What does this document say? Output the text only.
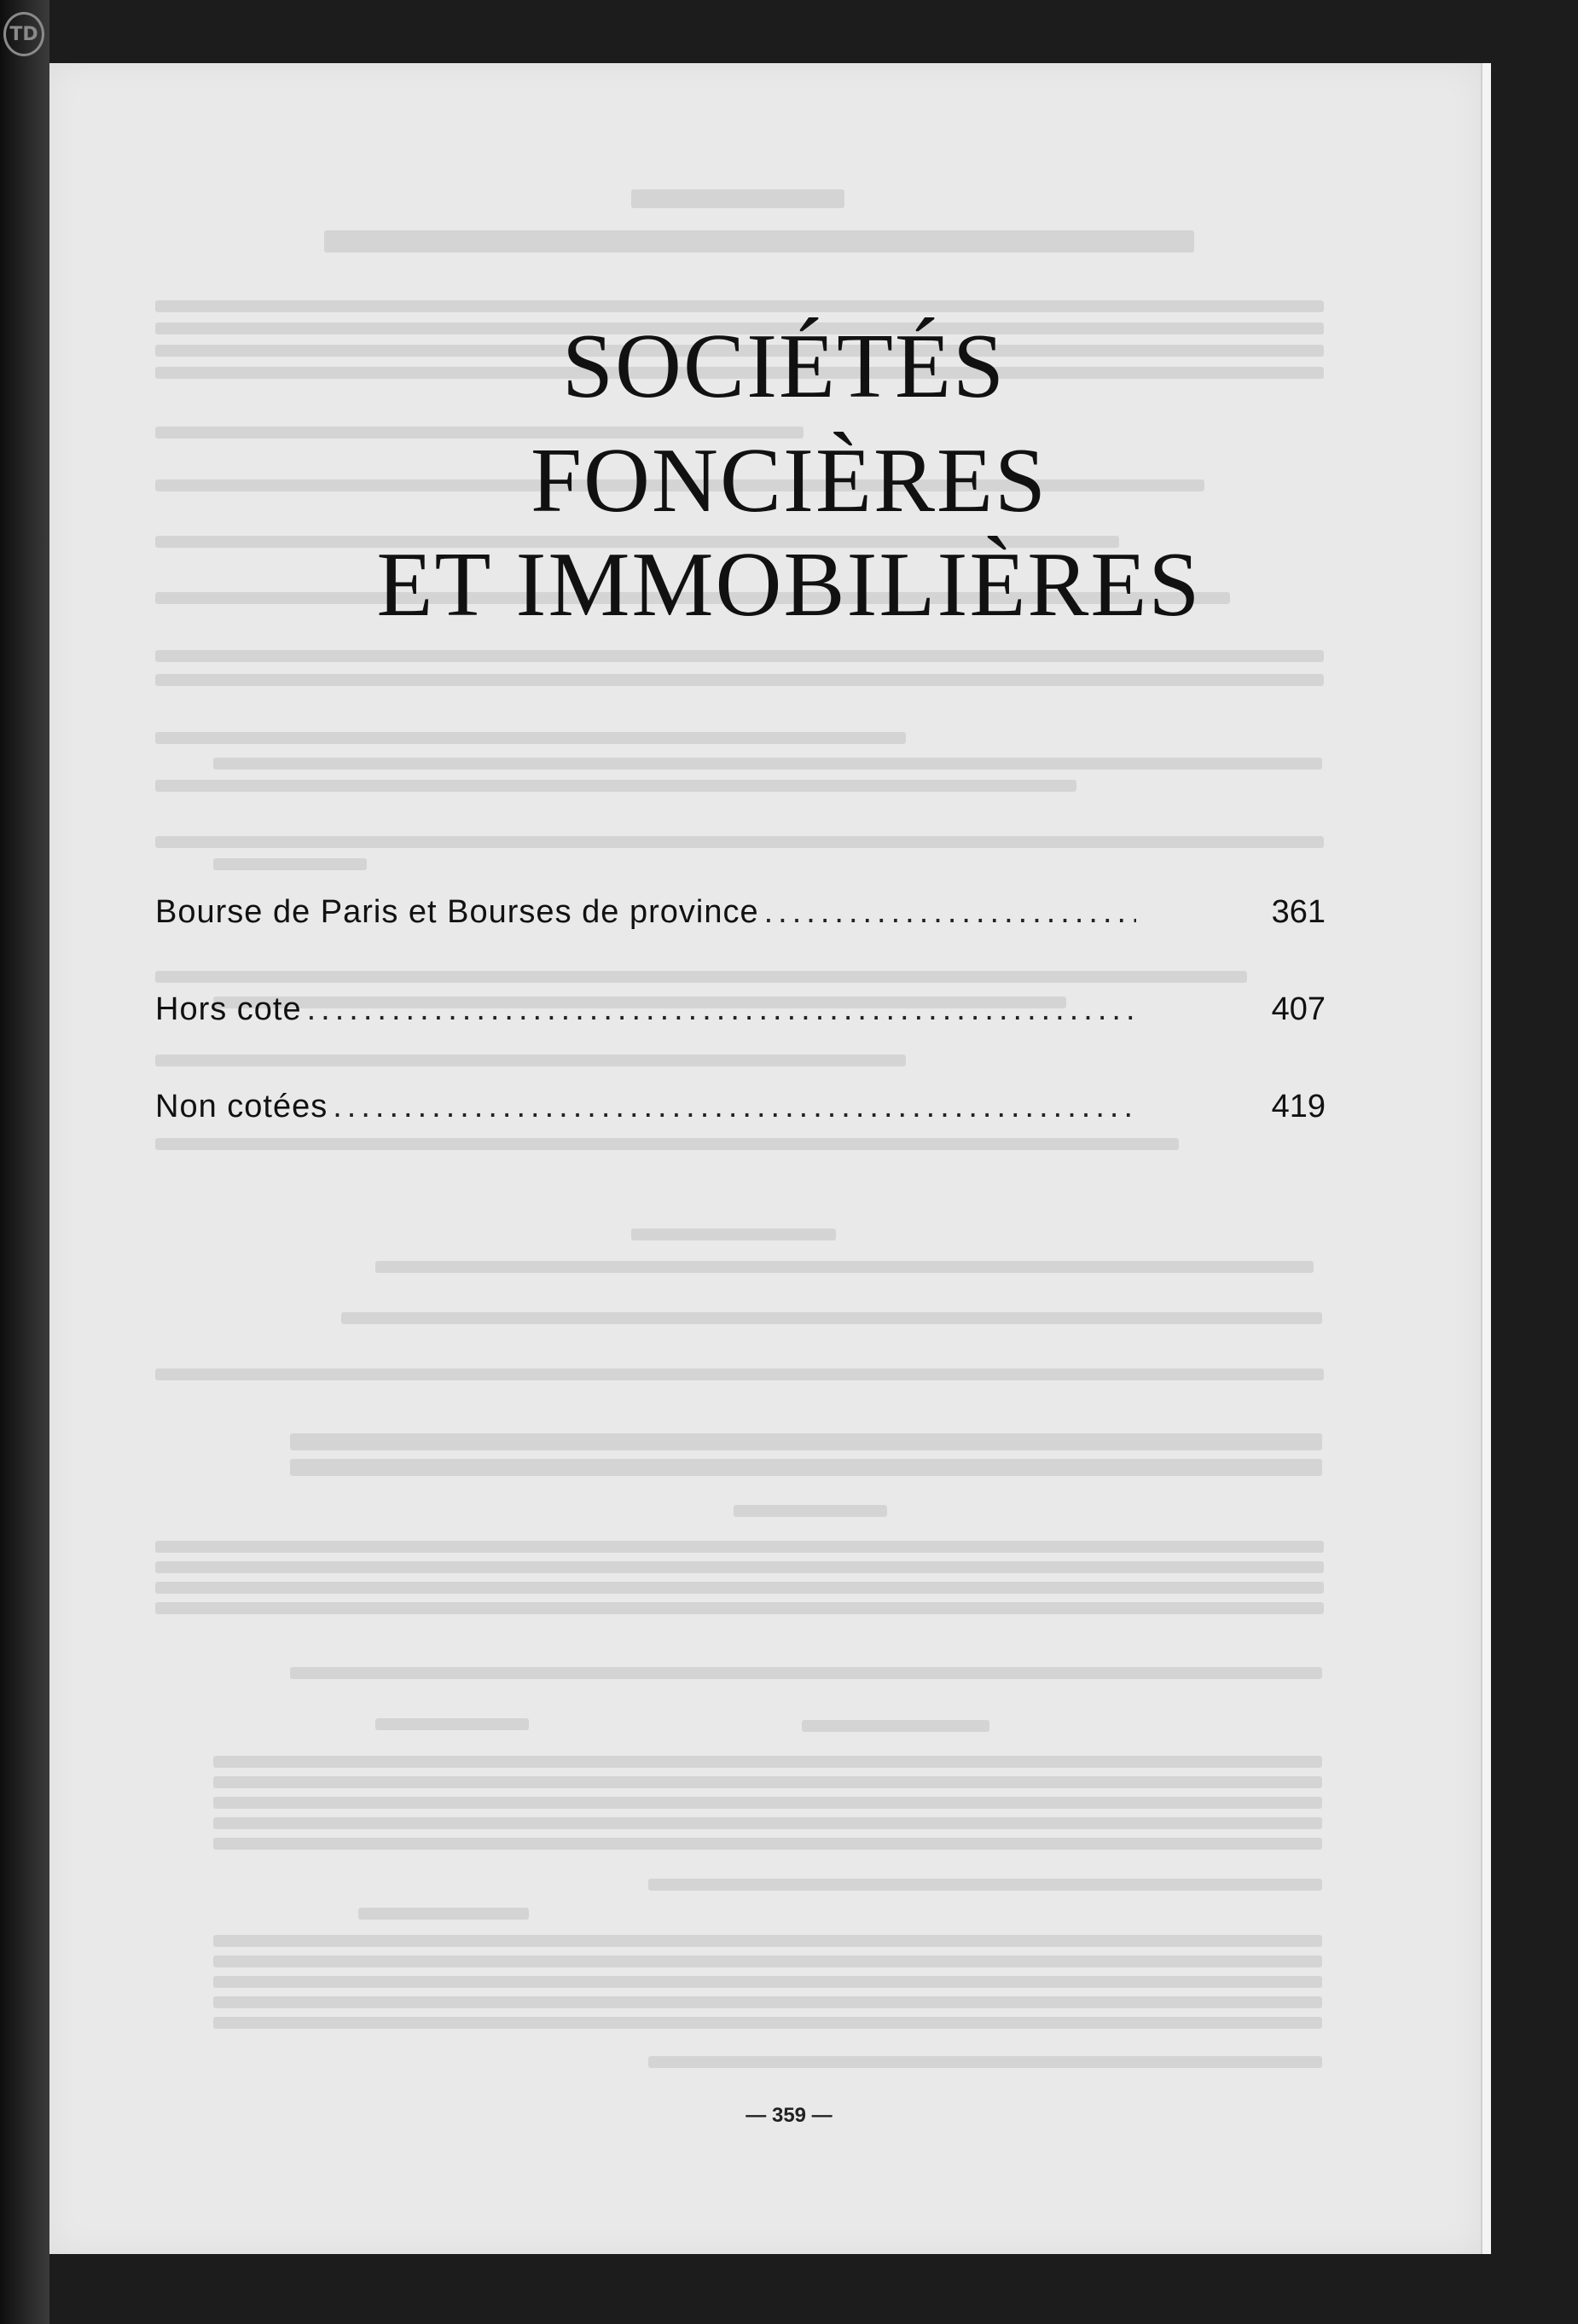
TD
SOCIÉTÉS
FONCIÈRES
ET IMMOBILIÈRES
Bourse de Paris et Bourses de province .....	361
Hors cote .....	407
Non cotées .....	419
— 359 —
